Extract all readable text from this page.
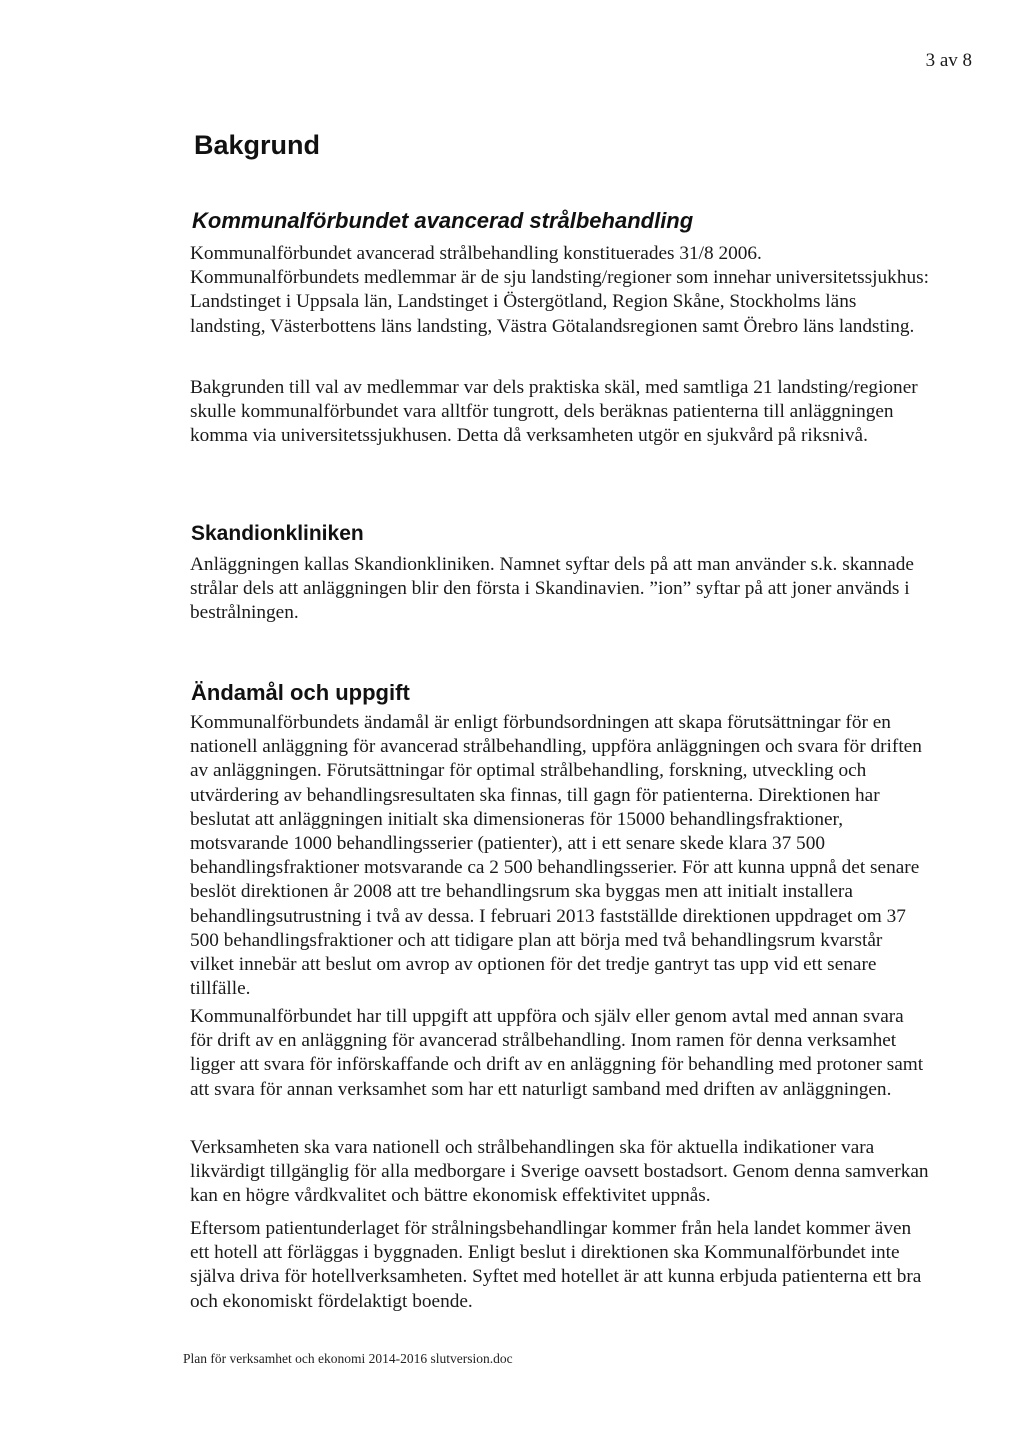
3 av 8
Bakgrund
Kommunalförbundet avancerad strålbehandling

Kommunalförbundet avancerad strålbehandling konstituerades 31/8 2006. Kommunalförbundets medlemmar är de sju landsting/regioner som innehar universitetssjukhus: Landstinget i Uppsala län, Landstinget i Östergötland, Region Skåne, Stockholms läns landsting, Västerbottens läns landsting, Västra Götalandsregionen samt Örebro läns landsting.

Bakgrunden till val av medlemmar var dels praktiska skäl, med samtliga 21 landsting/regioner skulle kommunalförbundet vara alltför tungrott, dels beräknas patienterna till anläggningen komma via universitetssjukhusen. Detta då verksamheten utgör en sjukvård på riksnivå.

Skandionkliniken

Anläggningen kallas Skandionkliniken. Namnet syftar dels på att man använder s.k. skannade strålar dels att anläggningen blir den första i Skandinavien. ”ion” syftar på att joner används i bestrålningen.

Ändamål och uppgift

Kommunalförbundets ändamål är enligt förbundsordningen att skapa förutsättningar för en nationell anläggning för avancerad strålbehandling, uppföra anläggningen och svara för driften av anläggningen. Förutsättningar för optimal strålbehandling, forskning, utveckling och utvärdering av behandlingsresultaten ska finnas, till gagn för patienterna. Direktionen har beslutat att anläggningen initialt ska dimensioneras för 15000 behandlingsfraktioner, motsvarande 1000 behandlingsserier (patienter), att i ett senare skede klara 37 500 behandlingsfraktioner motsvarande ca 2 500 behandlingsserier. För att kunna uppnå det senare beslöt direktionen år 2008 att tre behandlingsrum ska byggas men att initialt installera behandlingsutrustning i två av dessa. I februari 2013 fastställde direktionen uppdraget om 37 500 behandlingsfraktioner och att tidigare plan att börja med två behandlingsrum kvarstår vilket innebär att beslut om avrop av optionen för det tredje gantryt tas upp vid ett senare tillfälle.

Kommunalförbundet har till uppgift att uppföra och själv eller genom avtal med annan svara för drift av en anläggning för avancerad strålbehandling. Inom ramen för denna verksamhet ligger att svara för införskaffande och drift av en anläggning för behandling med protoner samt att svara för annan verksamhet som har ett naturligt samband med driften av anläggningen.

Verksamheten ska vara nationell och strålbehandlingen ska för aktuella indikationer vara likvärdigt tillgänglig för alla medborgare i Sverige oavsett bostadsort. Genom denna samverkan kan en högre vårdkvalitet och bättre ekonomisk effektivitet uppnås.

Eftersom patientunderlaget för strålningsbehandlingar kommer från hela landet kommer även ett hotell att förläggas i byggnaden. Enligt beslut i direktionen ska Kommunalförbundet inte själva driva för hotellverksamheten. Syftet med hotellet är att kunna erbjuda patienterna ett bra och ekonomiskt fördelaktigt boende.

Plan för verksamhet och ekonomi 2014-2016 slutversion.doc
